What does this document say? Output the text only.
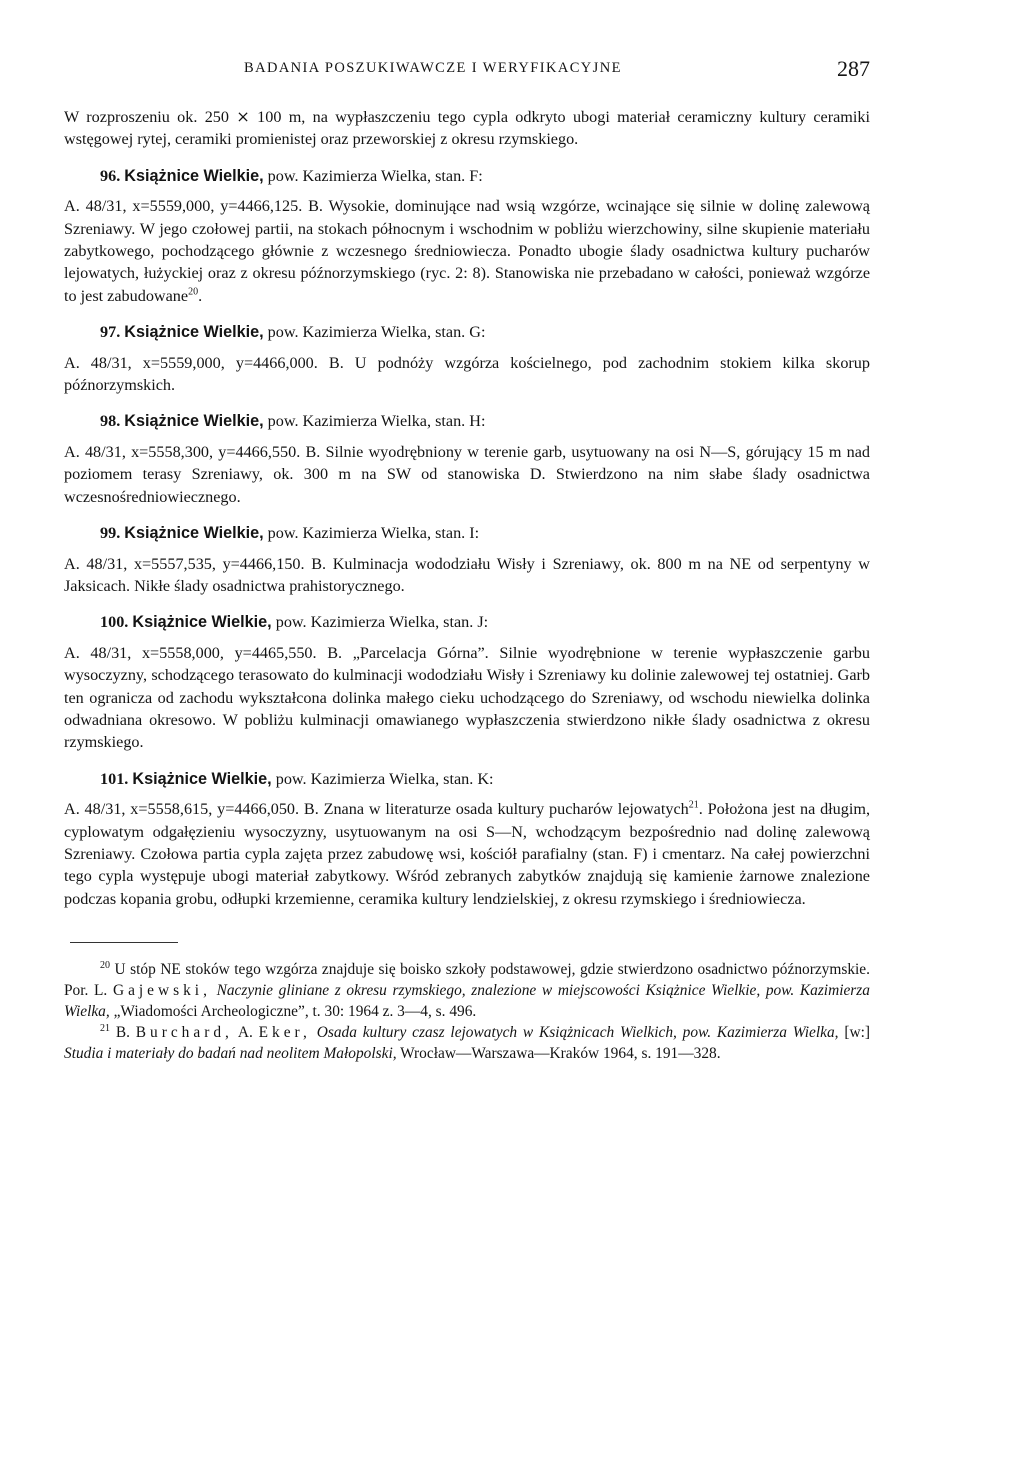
BADANIA POSZUKIWAWCZE I WERYFIKACYJNE	287

W rozproszeniu ok. 250 ⨯ 100 m, na wypłaszczeniu tego cypla odkryto ubogi materiał ceramiczny kultury ceramiki wstęgowej rytej, ceramiki promienistej oraz przeworskiej z okresu rzymskiego.

96. Książnice Wielkie, pow. Kazimierza Wielka, stan. F:

A. 48/31, x=5559,000, y=4466,125. B. Wysokie, dominujące nad wsią wzgórze, wcinające się silnie w dolinę zalewową Szreniawy. W jego czołowej partii, na stokach północnym i wschodnim w pobliżu wierzchowiny, silne skupienie materiału zabytkowego, pochodzącego głównie z wczesnego średniowiecza. Ponadto ubogie ślady osadnictwa kultury pucharów lejowatych, łużyckiej oraz z okresu późnorzymskiego (ryc. 2: 8). Stanowiska nie przebadano w całości, ponieważ wzgórze to jest zabudowane$^{20}$.

97. Książnice Wielkie, pow. Kazimierza Wielka, stan. G:

A. 48/31, x=5559,000, y=4466,000. B. U podnóży wzgórza kościelnego, pod zachodnim stokiem kilka skorup późnorzymskich.

98. Książnice Wielkie, pow. Kazimierza Wielka, stan. H:

A. 48/31, x=5558,300, y=4466,550. B. Silnie wyodrębniony w terenie garb, usytuowany na osi N—S, górujący 15 m nad poziomem terasy Szreniawy, ok. 300 m na SW od stanowiska D. Stwierdzono na nim słabe ślady osadnictwa wczesnośredniowiecznego.

99. Książnice Wielkie, pow. Kazimierza Wielka, stan. I:

A. 48/31, x=5557,535, y=4466,150. B. Kulminacja wododziału Wisły i Szreniawy, ok. 800 m na NE od serpentyny w Jaksicach. Nikłe ślady osadnictwa prahistorycznego.

100. Książnice Wielkie, pow. Kazimierza Wielka, stan. J:

A. 48/31, x=5558,000, y=4465,550. B. „Parcelacja Górna”. Silnie wyodrębnione w terenie wypłaszczenie garbu wysoczyzny, schodzącego terasowato do kulminacji wododziału Wisły i Szreniawy ku dolinie zalewowej tej ostatniej. Garb ten ogranicza od zachodu wykształcona dolinka małego cieku uchodzącego do Szreniawy, od wschodu niewielka dolinka odwadniana okresowo. W pobliżu kulminacji omawianego wypłaszczenia stwierdzono nikłe ślady osadnictwa z okresu rzymskiego.

101. Książnice Wielkie, pow. Kazimierza Wielka, stan. K:

A. 48/31, x=5558,615, y=4466,050. B. Znana w literaturze osada kultury pucharów lejowatych$^{21}$. Położona jest na długim, cyplowatym odgałęzieniu wysoczyzny, usytuowanym na osi S—N, wchodzącym bezpośrednio nad dolinę zalewową Szreniawy. Czołowa partia cypla zajęta przez zabudowę wsi, kościół parafialny (stan. F) i cmentarz. Na całej powierzchni tego cypla występuje ubogi materiał zabytkowy. Wśród zebranych zabytków znajdują się kamienie żarnowe znalezione podczas kopania grobu, odłupki krzemienne, ceramika kultury lendzielskiej, z okresu rzymskiego i średniowiecza.

$^{20}$ U stóp NE stoków tego wzgórza znajduje się boisko szkoły podstawowej, gdzie stwierdzono osadnictwo późnorzymskie. Por. L. Gajewski, Naczynie gliniane z okresu rzymskiego, znalezione w miejscowości Książnice Wielkie, pow. Kazimierza Wielka, „Wiadomości Archeologiczne”, t. 30: 1964 z. 3—4, s. 496.

$^{21}$ B. Burchard, A. Eker, Osada kultury czasz lejowatych w Książnicach Wielkich, pow. Kazimierza Wielka, [w:] Studia i materiały do badań nad neolitem Małopolski, Wrocław—Warszawa—Kraków 1964, s. 191—328.
